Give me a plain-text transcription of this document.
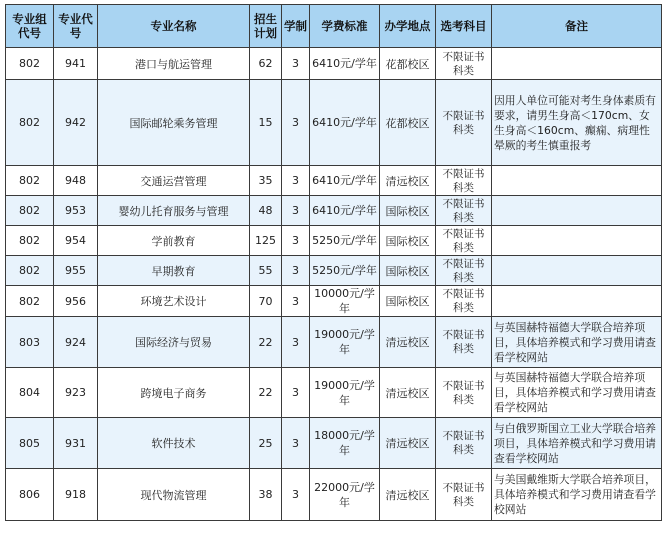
专业组代号	专业代号	专业名称	招生计划	学制	学费标准	办学地点	选考科目	备注
802	941	港口与航运管理	62	3	6410元/学年	花都校区	不限证书科类	
802	942	国际邮轮乘务管理	15	3	6410元/学年	花都校区	不限证书科类	因用人单位可能对考生身体素质有要求，请男生身高＜170cm、女生身高＜160cm、癫痫、病理性晕厥的考生慎重报考
802	948	交通运营管理	35	3	6410元/学年	清远校区	不限证书科类	
802	953	婴幼儿托育服务与管理	48	3	6410元/学年	国际校区	不限证书科类	
802	954	学前教育	125	3	5250元/学年	国际校区	不限证书科类	
802	955	早期教育	55	3	5250元/学年	国际校区	不限证书科类	
802	956	环境艺术设计	70	3	10000元/学年	国际校区	不限证书科类	
803	924	国际经济与贸易	22	3	19000元/学年	清远校区	不限证书科类	与英国赫特福德大学联合培养项目，具体培养模式和学习费用请查看学校网站
804	923	跨境电子商务	22	3	19000元/学年	清远校区	不限证书科类	与英国赫特福德大学联合培养项目，具体培养模式和学习费用请查看学校网站
805	931	软件技术	25	3	18000元/学年	清远校区	不限证书科类	与白俄罗斯国立工业大学联合培养项目，具体培养模式和学习费用请查看学校网站
806	918	现代物流管理	38	3	22000元/学年	清远校区	不限证书科类	与美国戴维斯大学联合培养项目，具体培养模式和学习费用请查看学校网站
